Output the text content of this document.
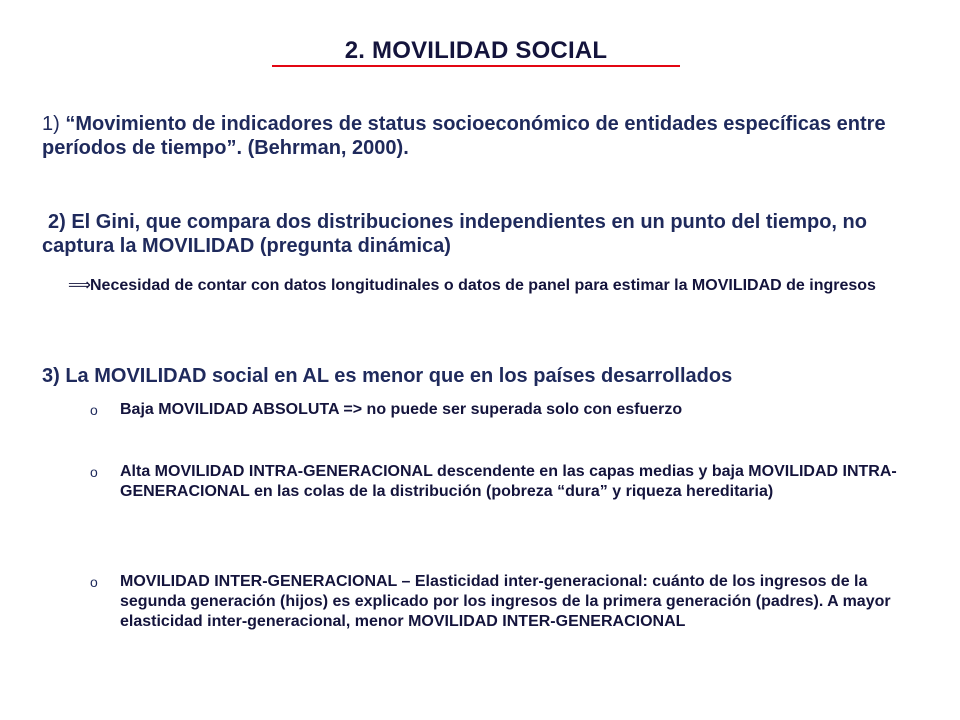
2. MOVILIDAD SOCIAL

1) “Movimiento de indicadores de status socioeconómico de entidades específicas entre períodos de tiempo”. (Behrman, 2000).

2) El Gini, que compara dos distribuciones independientes en un punto del tiempo, no captura la MOVILIDAD (pregunta dinámica)

⟹ Necesidad de contar con datos longitudinales o datos de panel para estimar la MOVILIDAD de ingresos

3) La MOVILIDAD social en AL es menor que en los países desarrollados

o Baja MOVILIDAD ABSOLUTA => no puede ser superada solo con esfuerzo
o Alta MOVILIDAD INTRA-GENERACIONAL descendente en las capas medias y baja MOVILIDAD INTRA-GENERACIONAL en las colas de la distribución (pobreza “dura” y riqueza hereditaria)
o MOVILIDAD INTER-GENERACIONAL – Elasticidad inter-generacional: cuánto de los ingresos de la segunda generación (hijos) es explicado por los ingresos de la primera generación (padres). A mayor elasticidad inter-generacional, menor MOVILIDAD INTER-GENERACIONAL
